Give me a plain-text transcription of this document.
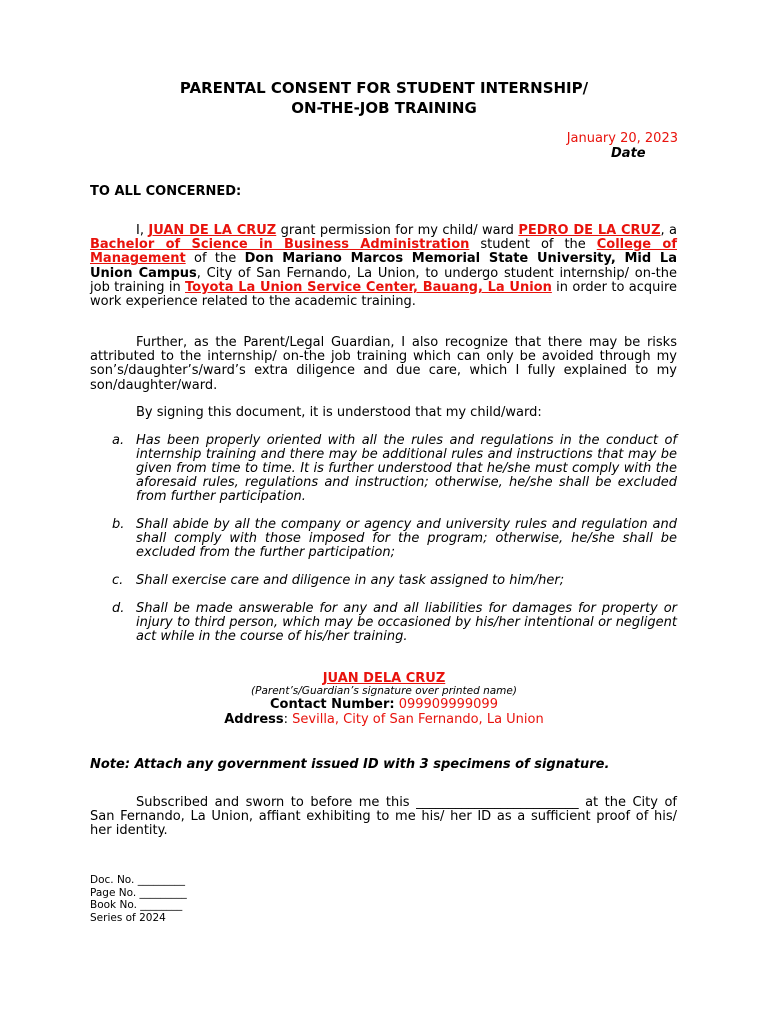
PARENTAL CONSENT FOR STUDENT INTERNSHIP/
ON-THE-JOB TRAINING
January 20, 2023
Date
TO ALL CONCERNED:

I, JUAN DE LA CRUZ grant permission for my child/ ward PEDRO DE LA CRUZ, a Bachelor of Science in Business Administration student of the College of Management of the Don Mariano Marcos Memorial State University, Mid La Union Campus, City of San Fernando, La Union, to undergo student internship/ on-the job training in Toyota La Union Service Center, Bauang, La Union in order to acquire work experience related to the academic training.

Further, as the Parent/Legal Guardian, I also recognize that there may be risks attributed to the internship/ on-the job training which can only be avoided through my son’s/daughter’s/ward’s extra diligence and due care, which I fully explained to my son/daughter/ward.

By signing this document, it is understood that my child/ward:

a. Has been properly oriented with all the rules and regulations in the conduct of internship training and there may be additional rules and instructions that may be given from time to time. It is further understood that he/she must comply with the aforesaid rules, regulations and instruction; otherwise, he/she shall be excluded from further participation.
b. Shall abide by all the company or agency and university rules and regulation and shall comply with those imposed for the program; otherwise, he/she shall be excluded from the further participation;
c. Shall exercise care and diligence in any task assigned to him/her;
d. Shall be made answerable for any and all liabilities for damages for property or injury to third person, which may be occasioned by his/her intentional or negligent act while in the course of his/her training.
JUAN DELA CRUZ
(Parent’s/Guardian’s signature over printed name)
Contact Number: 099909999099
Address: Sevilla, City of San Fernando, La Union
Note: Attach any government issued ID with 3 specimens of signature.

Subscribed and sworn to before me this _________________________ at the City of San Fernando, La Union, affiant exhibiting to me his/ her ID as a sufficient proof of his/ her identity.

Doc. No. _________
Page No. _________
Book No. ________
Series of 2024
